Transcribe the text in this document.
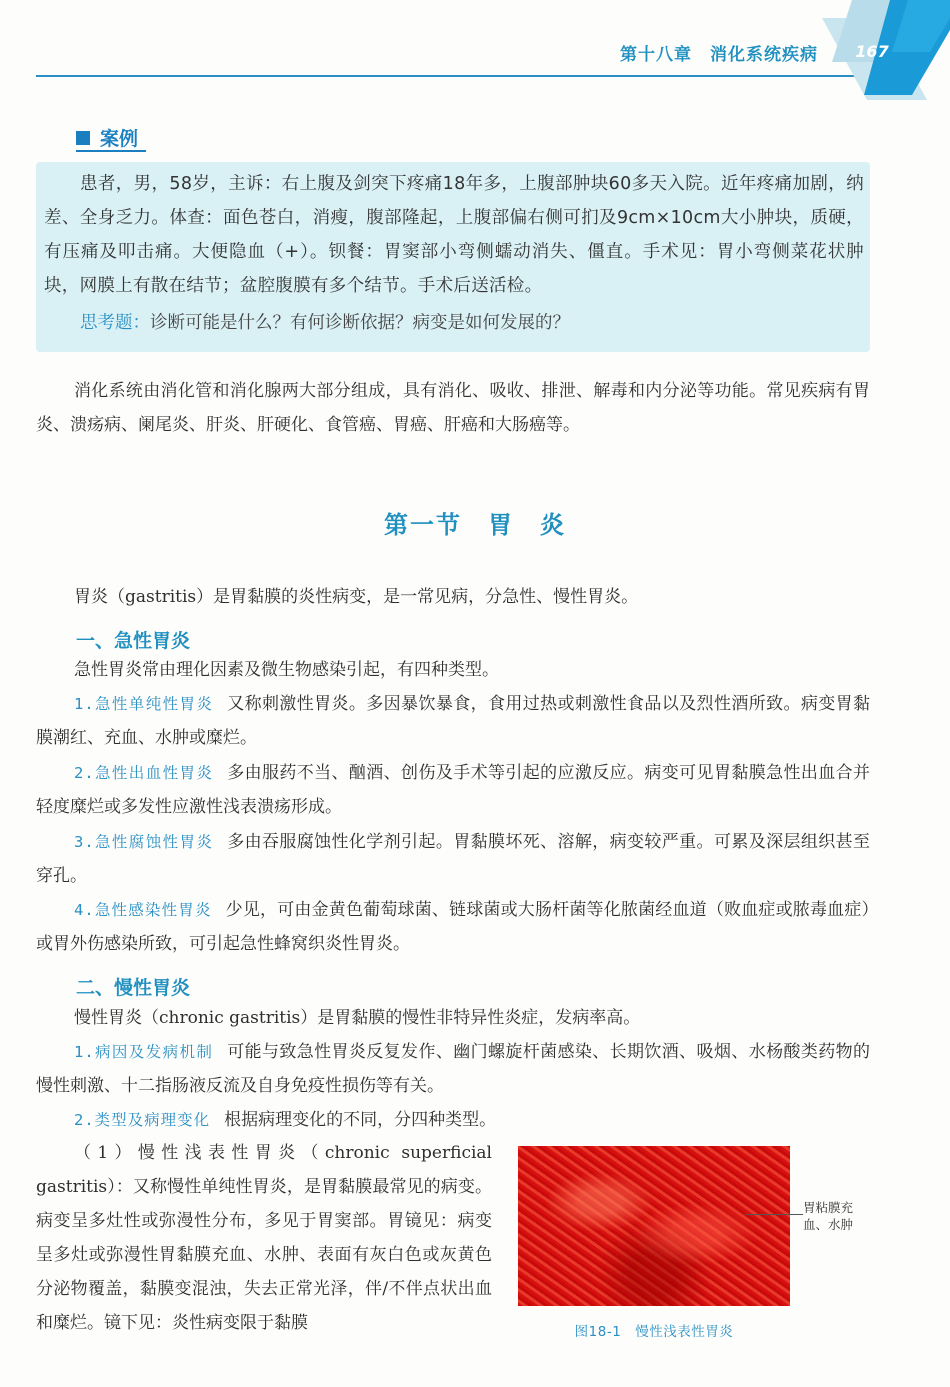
第十八章　消化系统疾病 167
案例
患者，男，58岁，主诉：右上腹及剑突下疼痛18年多，上腹部肿块60多天入院。近年疼痛加剧，纳差、全身乏力。体查：面色苍白，消瘦，腹部隆起，上腹部偏右侧可扪及9cm×10cm大小肿块，质硬，有压痛及叩击痛。大便隐血（+）。钡餐：胃窦部小弯侧蠕动消失、僵直。手术见：胃小弯侧菜花状肿块，网膜上有散在结节；盆腔腹膜有多个结节。手术后送活检。
思考题：诊断可能是什么？有何诊断依据？病变是如何发展的？
消化系统由消化管和消化腺两大部分组成，具有消化、吸收、排泄、解毒和内分泌等功能。常见疾病有胃炎、溃疡病、阑尾炎、肝炎、肝硬化、食管癌、胃癌、肝癌和大肠癌等。
第一节　胃　炎
胃炎（gastritis）是胃黏膜的炎性病变，是一常见病，分急性、慢性胃炎。
一、急性胃炎
急性胃炎常由理化因素及微生物感染引起，有四种类型。
1.急性单纯性胃炎 又称刺激性胃炎。多因暴饮暴食，食用过热或刺激性食品以及烈性酒所致。病变胃黏膜潮红、充血、水肿或糜烂。
2.急性出血性胃炎 多由服药不当、酗酒、创伤及手术等引起的应激反应。病变可见胃黏膜急性出血合并轻度糜烂或多发性应激性浅表溃疡形成。
3.急性腐蚀性胃炎 多由吞服腐蚀性化学剂引起。胃黏膜坏死、溶解，病变较严重。可累及深层组织甚至穿孔。
4.急性感染性胃炎 少见，可由金黄色葡萄球菌、链球菌或大肠杆菌等化脓菌经血道（败血症或脓毒血症）或胃外伤感染所致，可引起急性蜂窝织炎性胃炎。
二、慢性胃炎
慢性胃炎（chronic gastritis）是胃黏膜的慢性非特异性炎症，发病率高。
1.病因及发病机制 可能与致急性胃炎反复发作、幽门螺旋杆菌感染、长期饮酒、吸烟、水杨酸类药物的慢性刺激、十二指肠液反流及自身免疫性损伤等有关。
2.类型及病理变化 根据病理变化的不同，分四种类型。
（1）慢性浅表性胃炎（chronic superficial gastritis）：又称慢性单纯性胃炎，是胃黏膜最常见的病变。病变呈多灶性或弥漫性分布，多见于胃窦部。胃镜见：病变呈多灶或弥漫性胃黏膜充血、水肿、表面有灰白色或灰黄色分泌物覆盖，黏膜变混浊，失去正常光泽，伴/不伴点状出血和糜烂。镜下见：炎性病变限于黏膜
胃粘膜充血、水肿
图18-1　慢性浅表性胃炎
